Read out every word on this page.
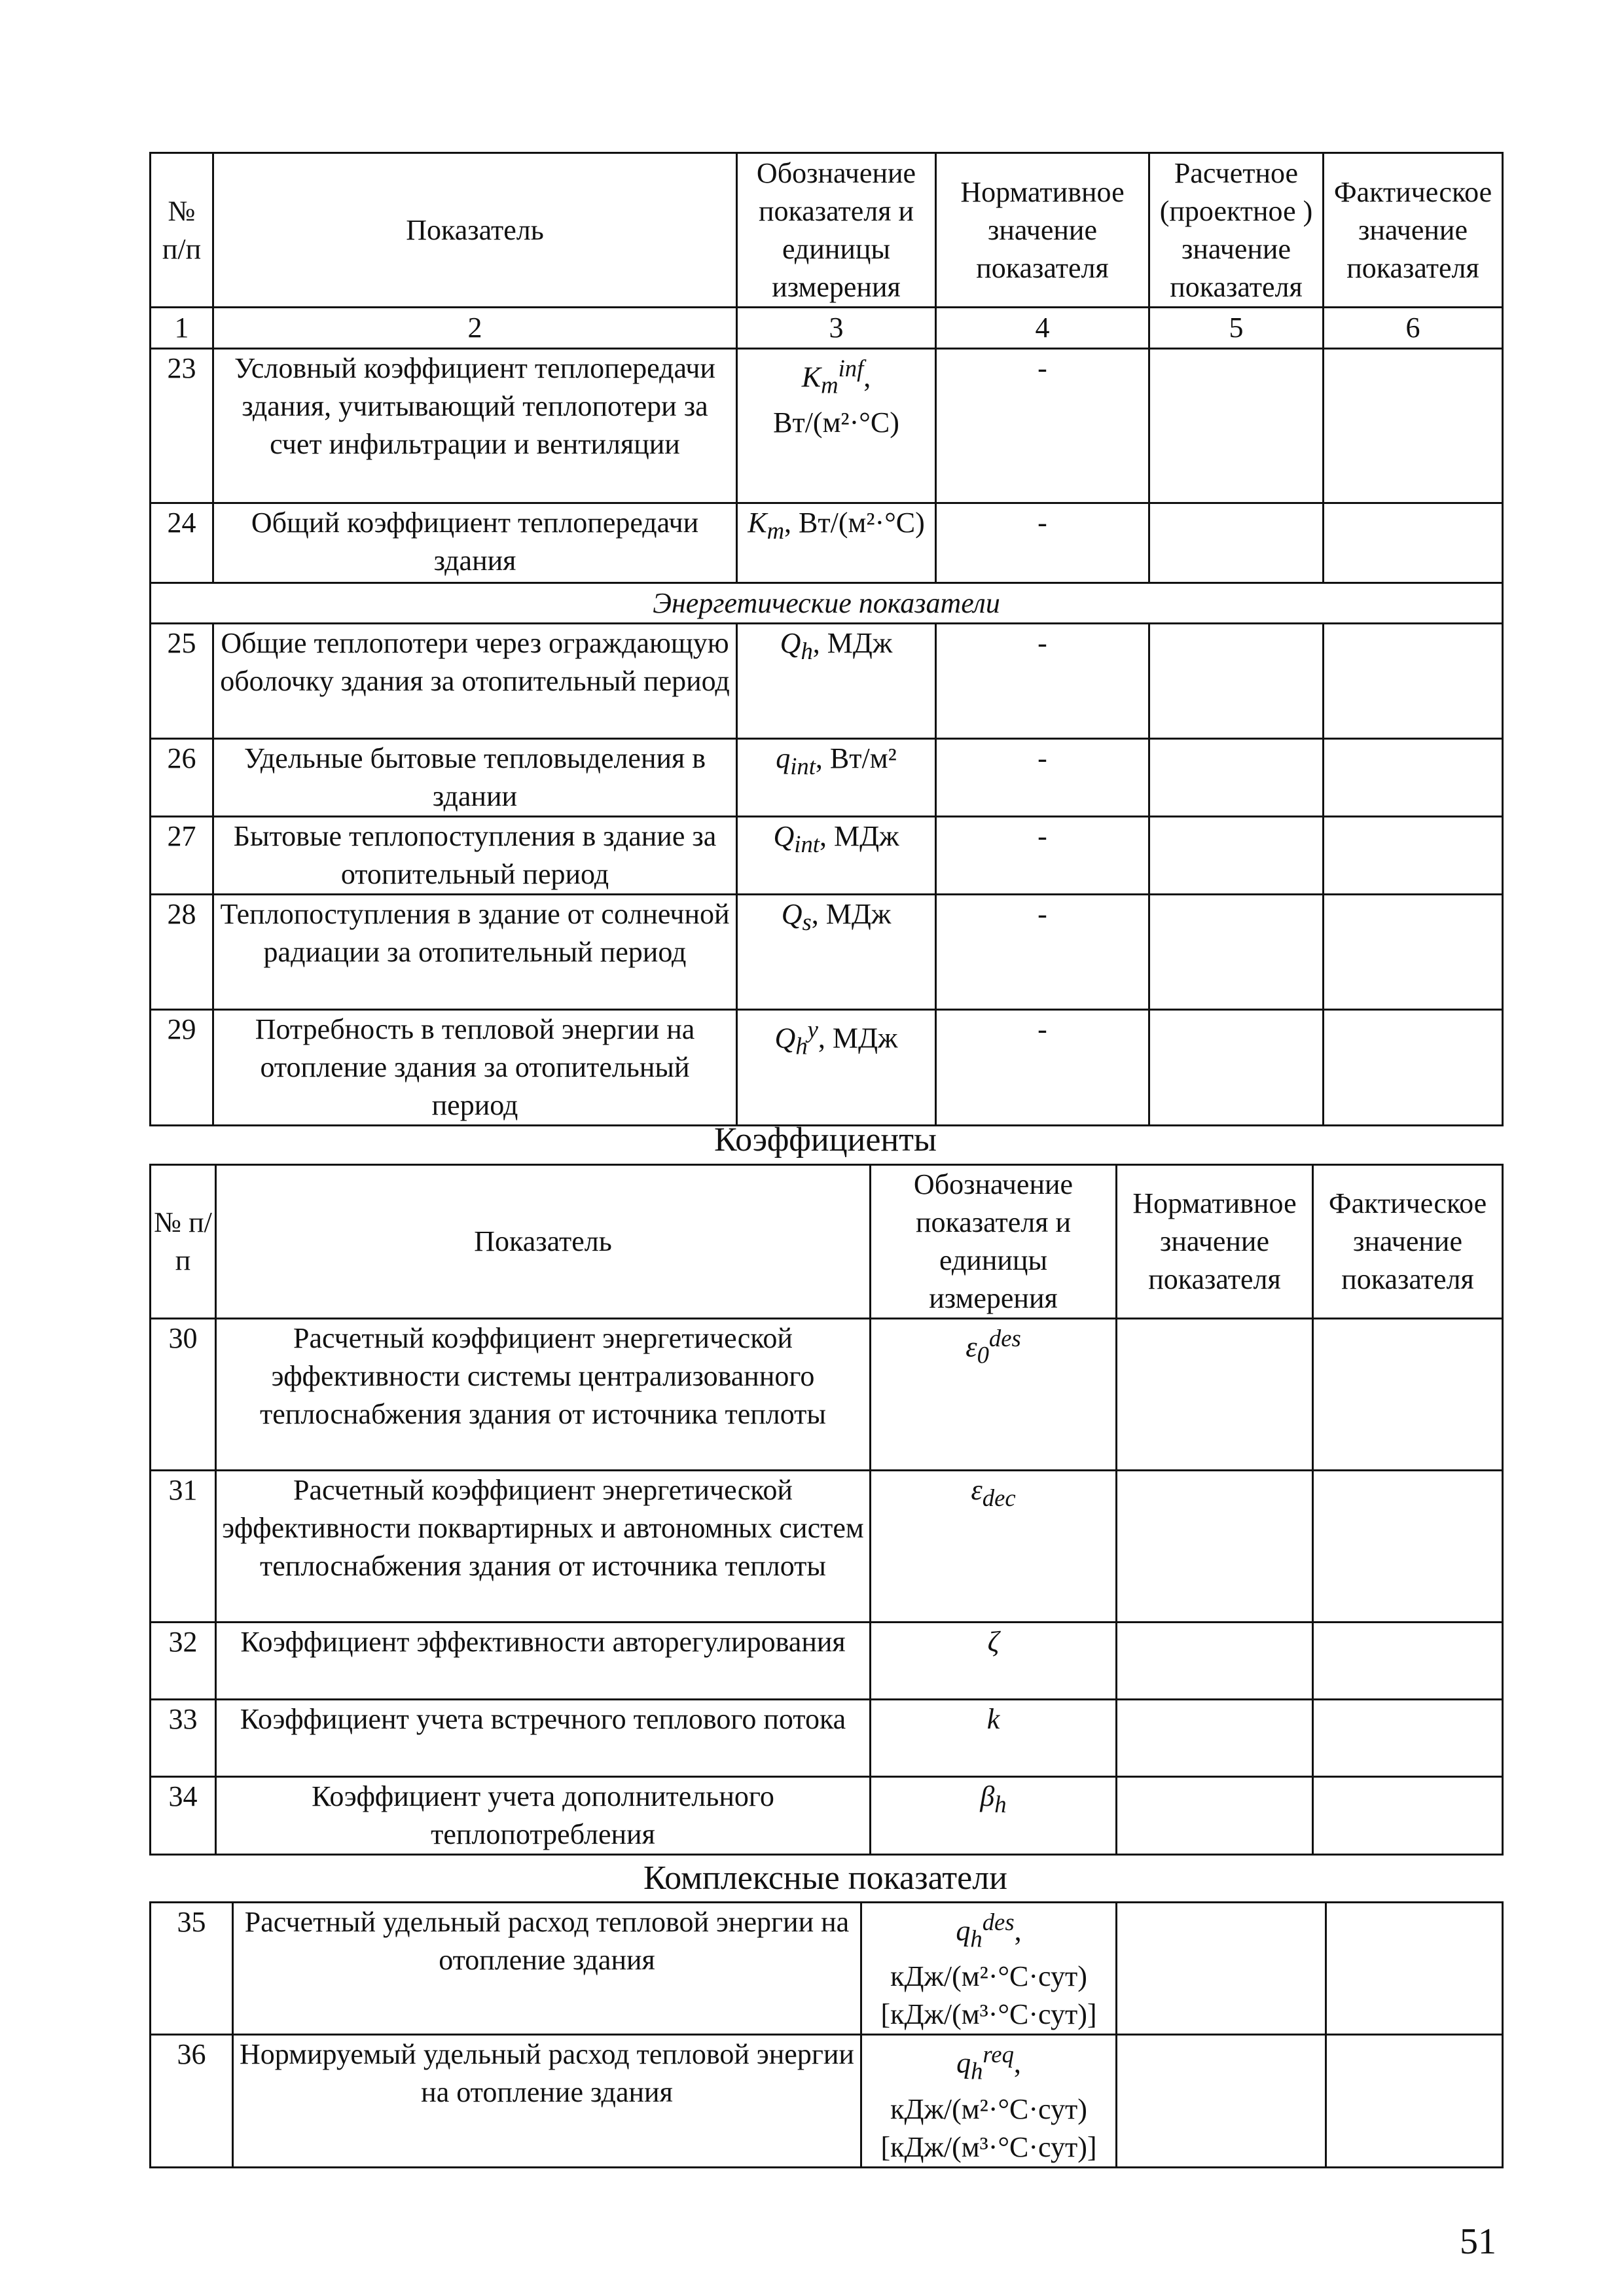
№ п/п	Показатель	Обозначение показателя и единицы измерения	Нормативное значение показателя	Расчетное (проектное ) значение показателя	Фактическое значение показателя
1	2	3	4	5	6
23	Условный коэффициент теплопередачи здания, учитывающий теплопотери за счет инфильтрации и вентиляции	$K_m^{inf}$, Вт/(м²·°С)	-		
24	Общий коэффициент теплопередачи здания	$K_m$, Вт/(м²·°С)	-		
Энергетические показатели					
25	Общие теплопотери через ограждающую оболочку здания за отопительный период	$Q_h$, МДж	-		
26	Удельные бытовые тепловыделения в здании	$q_{int}$, Вт/м²	-		
27	Бытовые теплопоступления в здание за отопительный период	$Q_{int}$, МДж	-		
28	Теплопоступления в здание от солнечной радиации за отопительный период	$Q_s$, МДж	-		
29	Потребность в тепловой энергии на отопление здания за отопительный период	$Q_h^y$, МДж	-		
Коэффициенты
№ п/п	Показатель	Обозначение показателя и единицы измерения	Нормативное значение показателя	Фактическое значение показателя
30	Расчетный коэффициент энергетической эффективности системы централизованного теплоснабжения здания от источника теплоты	$\varepsilon_0^{des}$		
31	Расчетный коэффициент энергетической эффективности поквартирных и автономных систем теплоснабжения здания от источника теплоты	$\varepsilon_{dec}$		
32	Коэффициент эффективности авторегулирования	ζ		
33	Коэффициент учета встречного теплового потока	k		
34	Коэффициент учета дополнительного теплопотребления	$\beta_h$		
Комплексные показатели
35	Расчетный удельный расход тепловой энергии на отопление здания	$q_h^{des}$,
кДж/(м²·°С·сут)
[кДж/(м³·°С·сут)]		
36	Нормируемый удельный расход тепловой энергии на отопление здания	$q_h^{req}$,
кДж/(м²·°С·сут)
[кДж/(м³·°С·сут)]		
51
